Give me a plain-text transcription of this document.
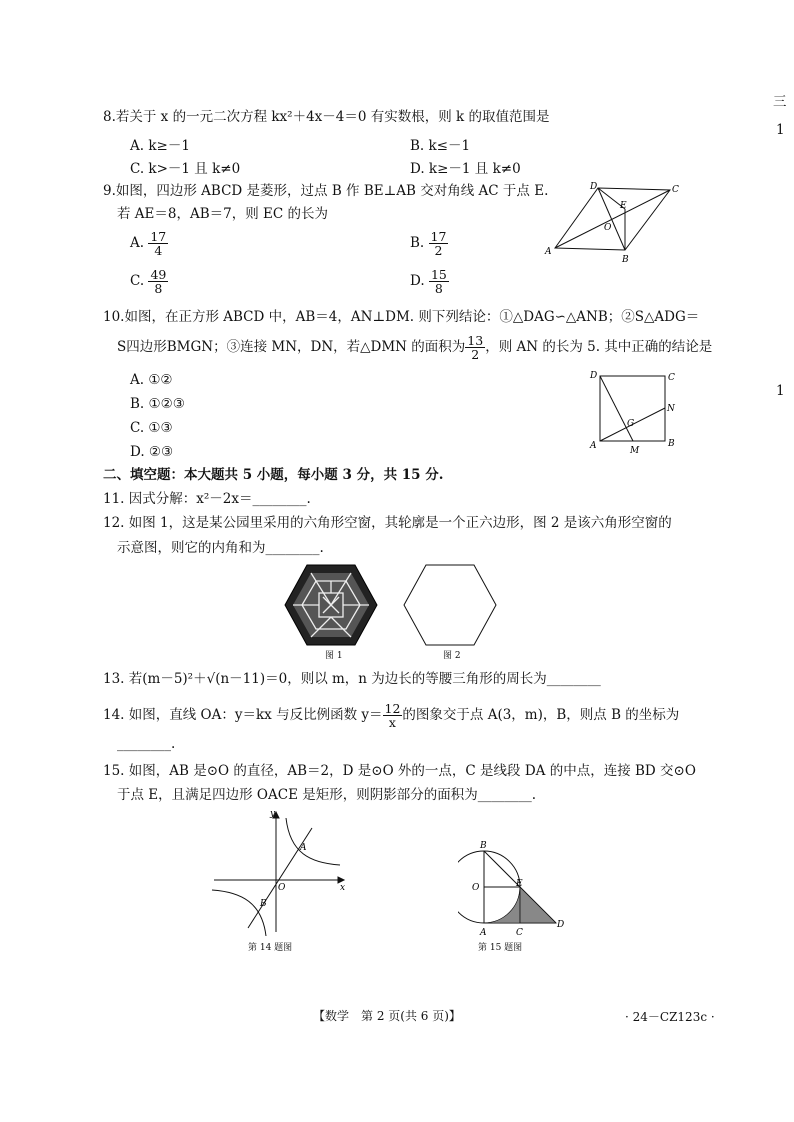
三
1
1
8.若关于 x 的一元二次方程 kx²＋4x－4＝0 有实数根，则 k 的取值范围是
A. k≥－1	B. k≤－1
C. k>－1 且 k≠0	D. k≥－1 且 k≠0
9.如图，四边形 ABCD 是菱形，过点 B 作 BE⊥AB 交对角线 AC 于点 E.
若 AE＝8，AB＝7，则 EC 的长为
A. $\frac{17}{4}$	B. $\frac{17}{2}$
C. $\frac{49}{8}$	D. $\frac{15}{8}$
A
B
C
D
E
O
10.如图，在正方形 ABCD 中，AB＝4，AN⊥DM. 则下列结论：①△DAG∽△ANB；②S△ADG＝
S四边形BMGN；③连接 MN，DN，若△DMN 的面积为 $\frac{13}{2}$ ，则 AN 的长为 5. 其中正确的结论是
A. ①②
B. ①②③
C. ①③
D. ②③
D	C
A	B
N
G
M
二、填空题：本大题共 5 小题，每小题 3 分，共 15 分.
11. 因式分解：x²－2x＝________.
12. 如图 1，这是某公园里采用的六角形空窗，其轮廓是一个正六边形，图 2 是该六角形空窗的
示意图，则它的内角和为________.
图 1	图 2
13. 若(m－5)²＋√(n－11)＝0，则以 m，n 为边长的等腰三角形的周长为________
14. 如图，直线 OA：y＝kx 与反比例函数 $y= \frac{12}{x}$ 的图象交于点 A(3，m)，B，则点 B 的坐标为
________.
15. 如图，AB 是⊙O 的直径，AB＝2，D 是⊙O 外的一点，C 是线段 DA 的中点，连接 BD 交⊙O
于点 E，且满足四边形 OACE 是矩形，则阴影部分的面积为________.
y
x
O
A
B
第 14 题图
B
O	E
A	C
D
第 15 题图
【数学　第 2 页(共 6 页)】	· 24－CZ123c ·
